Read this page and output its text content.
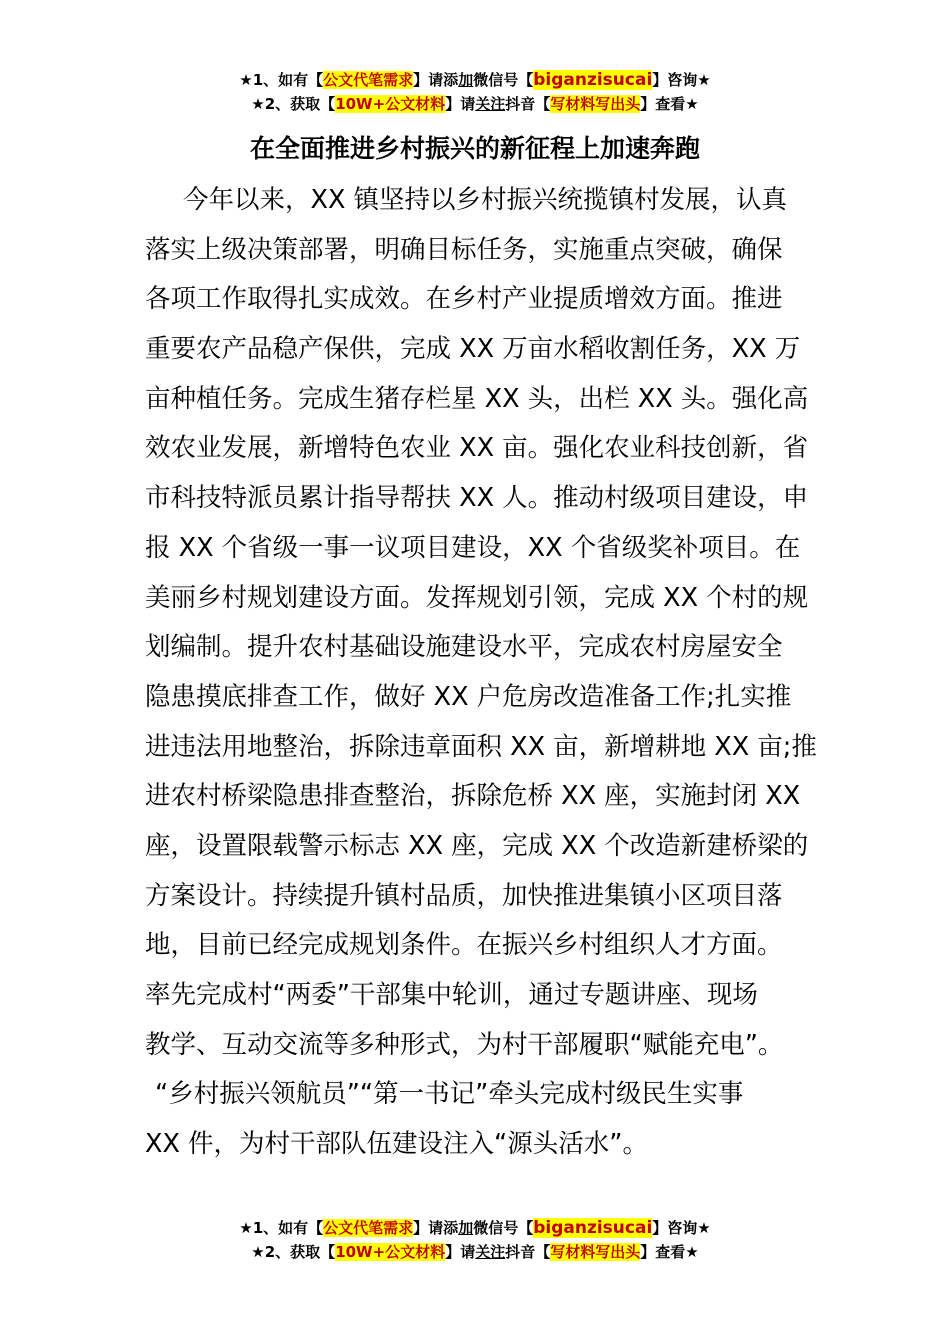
★1、如有【公文代笔需求】请添加微信号【biganzisucai】咨询★
★2、获取【10W+公文材料】请关注抖音【写材料写出头】查看★
在全面推进乡村振兴的新征程上加速奔跑
今年以来，XX 镇坚持以乡村振兴统揽镇村发展，认真
落实上级决策部署，明确目标任务，实施重点突破，确保
各项工作取得扎实成效。在乡村产业提质增效方面。推进
重要农产品稳产保供，完成 XX 万亩水稻收割任务，XX 万
亩种植任务。完成生猪存栏星 XX 头，出栏 XX 头。强化高
效农业发展，新增特色农业 XX 亩。强化农业科技创新，省
市科技特派员累计指导帮扶 XX 人。推动村级项目建设，申
报 XX 个省级一事一议项目建设，XX 个省级奖补项目。在
美丽乡村规划建设方面。发挥规划引领，完成 XX 个村的规
划编制。提升农村基础设施建设水平，完成农村房屋安全
隐患摸底排查工作，做好 XX 户危房改造准备工作;扎实推
进违法用地整治，拆除违章面积 XX 亩，新增耕地 XX 亩;推
进农村桥梁隐患排查整治，拆除危桥 XX 座，实施封闭 XX
座，设置限载警示标志 XX 座，完成 XX 个改造新建桥梁的
方案设计。持续提升镇村品质，加快推进集镇小区项目落
地，目前已经完成规划条件。在振兴乡村组织人才方面。
率先完成村“两委”干部集中轮训，通过专题讲座、现场
教学、互动交流等多种形式，为村干部履职“赋能充电”。
“乡村振兴领航员”“第一书记”牵头完成村级民生实事
XX 件，为村干部队伍建设注入“源头活水”。
★1、如有【公文代笔需求】请添加微信号【biganzisucai】咨询★
★2、获取【10W+公文材料】请关注抖音【写材料写出头】查看★
